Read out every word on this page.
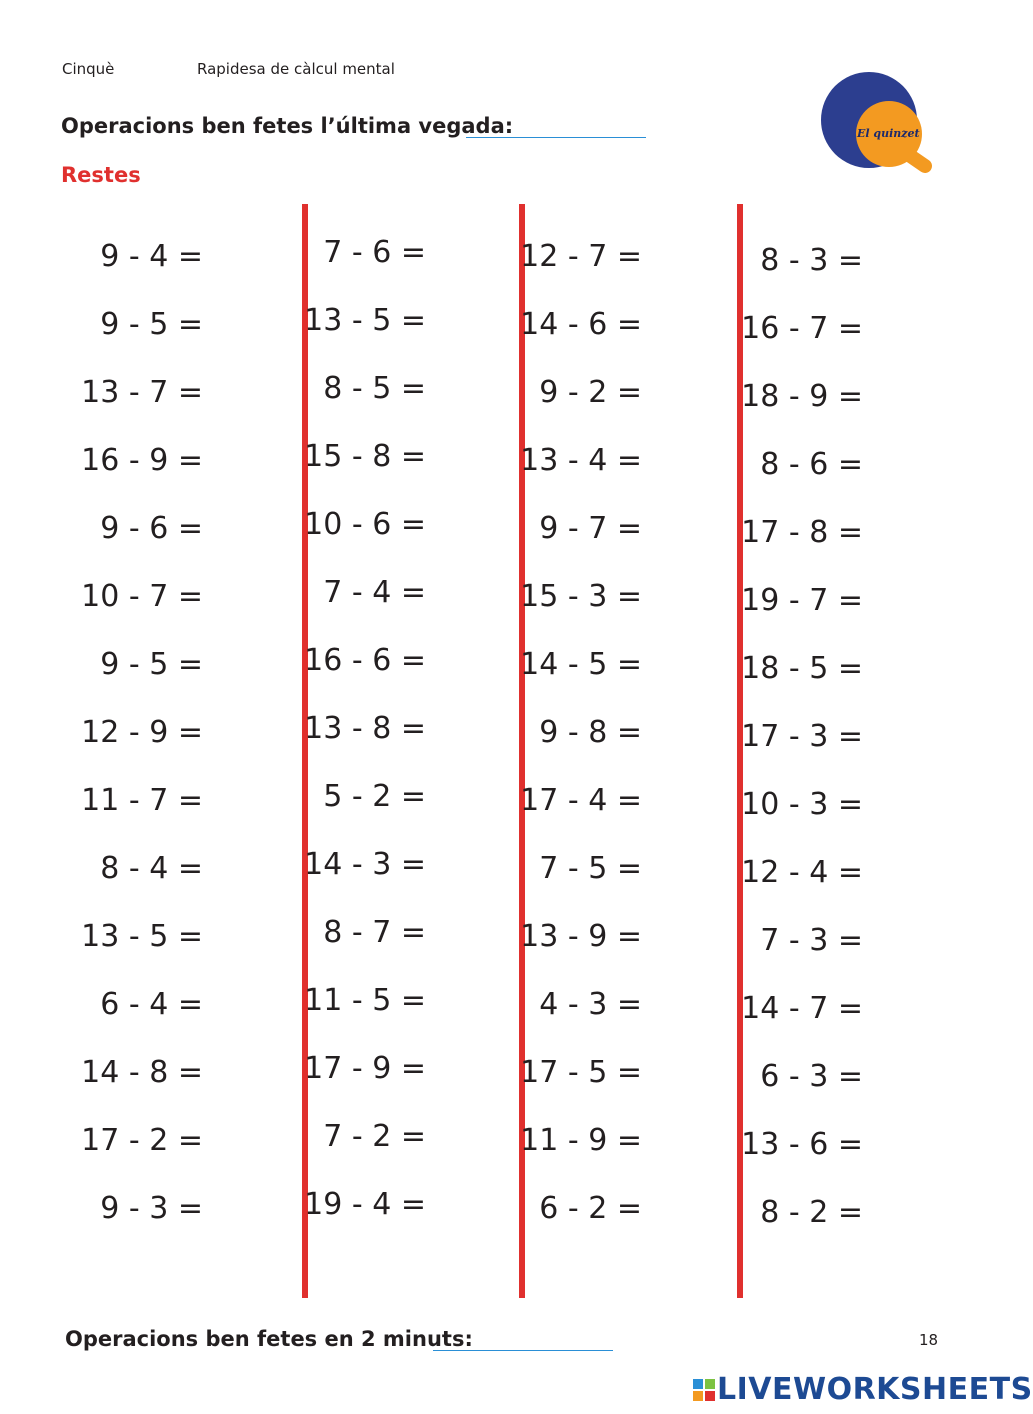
Cinquè	Rapidesa de càlcul mental
Operacions ben fetes l’última vegada:
Restes
El quinzet
9 - 4 =
9 - 5 =
13 - 7 =
16 - 9 =
9 - 6 =
10 - 7 =
9 - 5 =
12 - 9 =
11 - 7 =
8 - 4 =
13 - 5 =
6 - 4 =
14 - 8 =
17 - 2 =
9 - 3 =
7 - 6 =
13 - 5 =
8 - 5 =
15 - 8 =
10 - 6 =
7 - 4 =
16 - 6 =
13 - 8 =
5 - 2 =
14 - 3 =
8 - 7 =
11 - 5 =
17 - 9 =
7 - 2 =
19 - 4 =
12 - 7 =
14 - 6 =
9 - 2 =
13 - 4 =
9 - 7 =
15 - 3 =
14 - 5 =
9 - 8 =
17 - 4 =
7 - 5 =
13 - 9 =
4 - 3 =
17 - 5 =
11 - 9 =
6 - 2 =
8 - 3 =
16 - 7 =
18 - 9 =
8 - 6 =
17 - 8 =
19 - 7 =
18 - 5 =
17 - 3 =
10 - 3 =
12 - 4 =
7 - 3 =
14 - 7 =
6 - 3 =
13 - 6 =
8 - 2 =
Operacions ben fetes en 2 minuts:	18
LIVEWORKSHEETS
